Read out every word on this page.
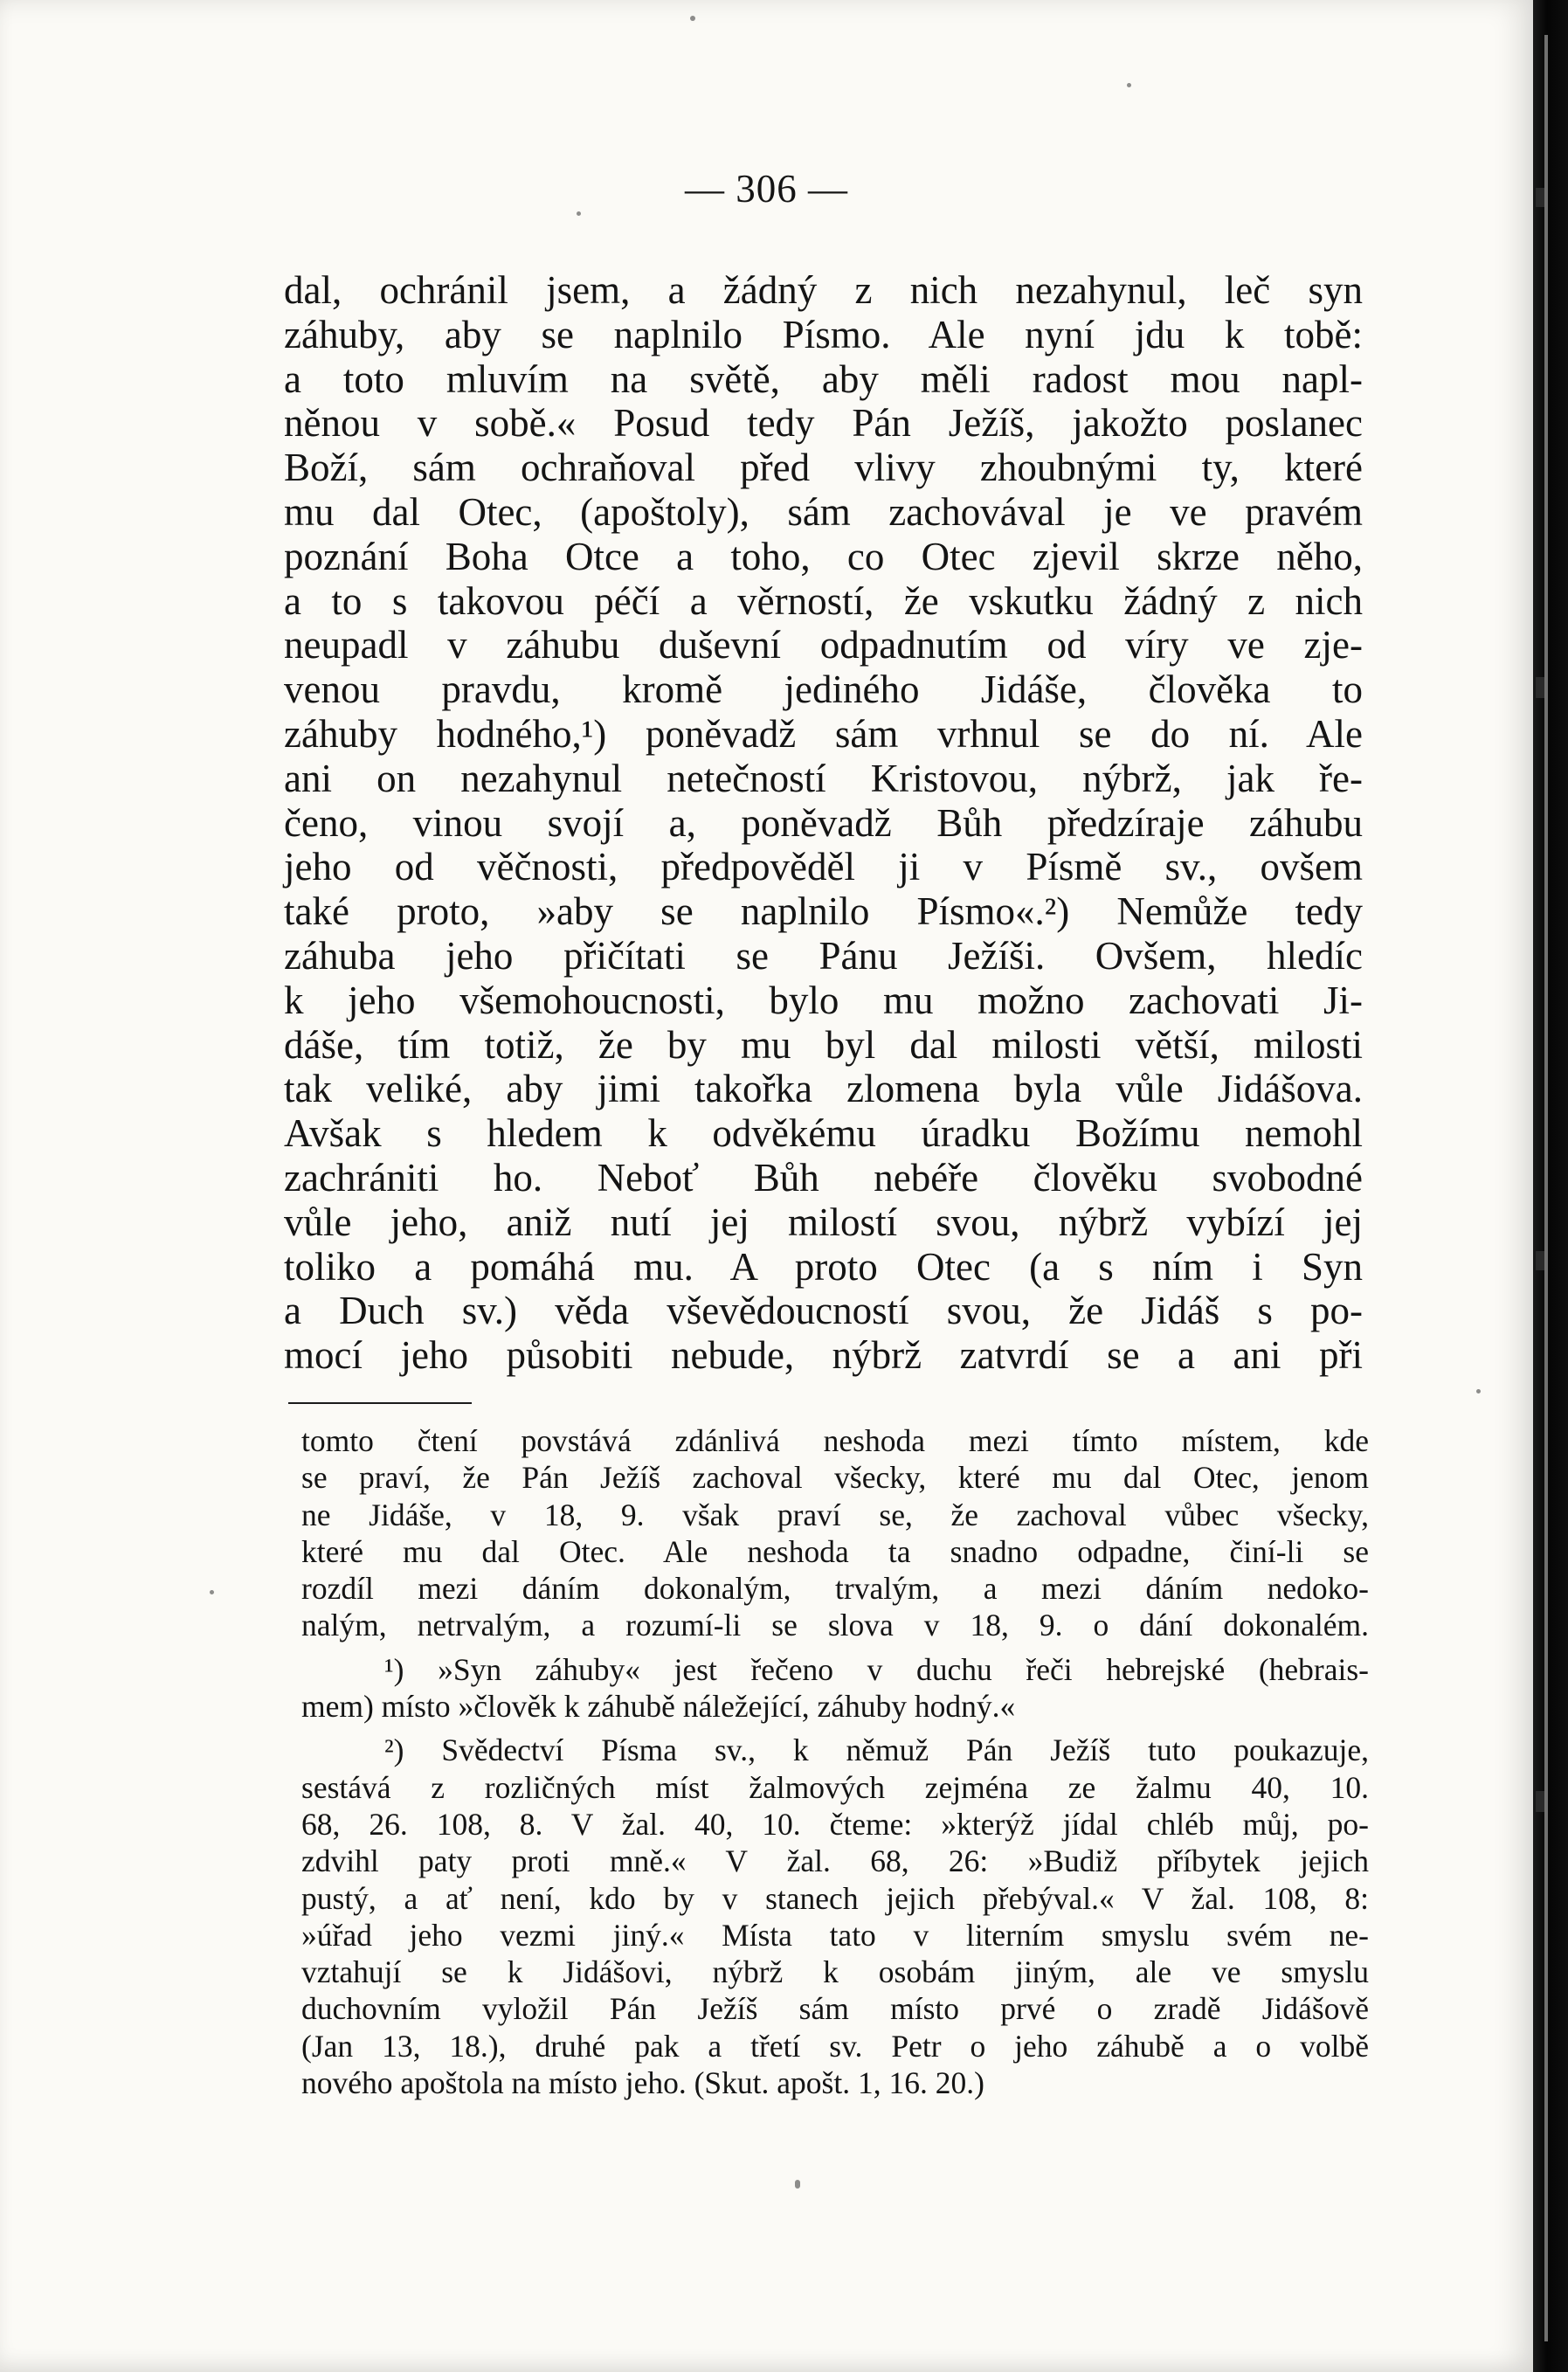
— 306 —
dal, ochránil jsem, a žádný z nich nezahynul, leč syn
záhuby, aby se naplnilo Písmo. Ale nyní jdu k tobě:
a toto mluvím na světě, aby měli radost mou napl-
něnou v sobě.« Posud tedy Pán Ježíš, jakožto poslanec
Boží, sám ochraňoval před vlivy zhoubnými ty, které
mu dal Otec, (apoštoly), sám zachovával je ve pravém
poznání Boha Otce a toho, co Otec zjevil skrze něho,
a to s takovou péčí a věrností, že vskutku žádný z nich
neupadl v záhubu duševní odpadnutím od víry ve zje-
venou pravdu, kromě jediného Jidáše, člověka to
záhuby hodného,¹) poněvadž sám vrhnul se do ní. Ale
ani on nezahynul netečností Kristovou, nýbrž, jak ře-
čeno, vinou svojí a, poněvadž Bůh předzíraje záhubu
jeho od věčnosti, předpověděl ji v Písmě sv., ovšem
také proto, »aby se naplnilo Písmo«.²) Nemůže tedy
záhuba jeho přičítati se Pánu Ježíši. Ovšem, hledíc
k jeho všemohoucnosti, bylo mu možno zachovati Ji-
dáše, tím totiž, že by mu byl dal milosti větší, milosti
tak veliké, aby jimi takořka zlomena byla vůle Jidášova.
Avšak s hledem k odvěkému úradku Božímu nemohl
zachrániti ho. Neboť Bůh nebéře člověku svobodné
vůle jeho, aniž nutí jej milostí svou, nýbrž vybízí jej
toliko a pomáhá mu. A proto Otec (a s ním i Syn
a Duch sv.) věda vševědoucností svou, že Jidáš s po-
mocí jeho působiti nebude, nýbrž zatvrdí se a ani při
tomto čtení povstává zdánlivá neshoda mezi tímto místem, kde
se praví, že Pán Ježíš zachoval všecky, které mu dal Otec, jenom
ne Jidáše, v 18, 9. však praví se, že zachoval vůbec všecky,
které mu dal Otec. Ale neshoda ta snadno odpadne, činí-li se
rozdíl mezi dáním dokonalým, trvalým, a mezi dáním nedoko-
nalým, netrvalým, a rozumí-li se slova v 18, 9. o dání dokonalém.
¹) »Syn záhuby« jest řečeno v duchu řeči hebrejské (hebrais-
mem) místo »člověk k záhubě náležející, záhuby hodný.«
²) Svědectví Písma sv., k němuž Pán Ježíš tuto poukazuje,
sestává z rozličných míst žalmových zejména ze žalmu 40, 10.
68, 26. 108, 8. V žal. 40, 10. čteme: »kterýž jídal chléb můj, po-
zdvihl paty proti mně.« V žal. 68, 26: »Budiž příbytek jejich
pustý, a ať není, kdo by v stanech jejich přebýval.« V žal. 108, 8:
»úřad jeho vezmi jiný.« Místa tato v literním smyslu svém ne-
vztahují se k Jidášovi, nýbrž k osobám jiným, ale ve smyslu
duchovním vyložil Pán Ježíš sám místo prvé o zradě Jidášově
(Jan 13, 18.), druhé pak a třetí sv. Petr o jeho záhubě a o volbě
nového apoštola na místo jeho. (Skut. apošt. 1, 16. 20.)
